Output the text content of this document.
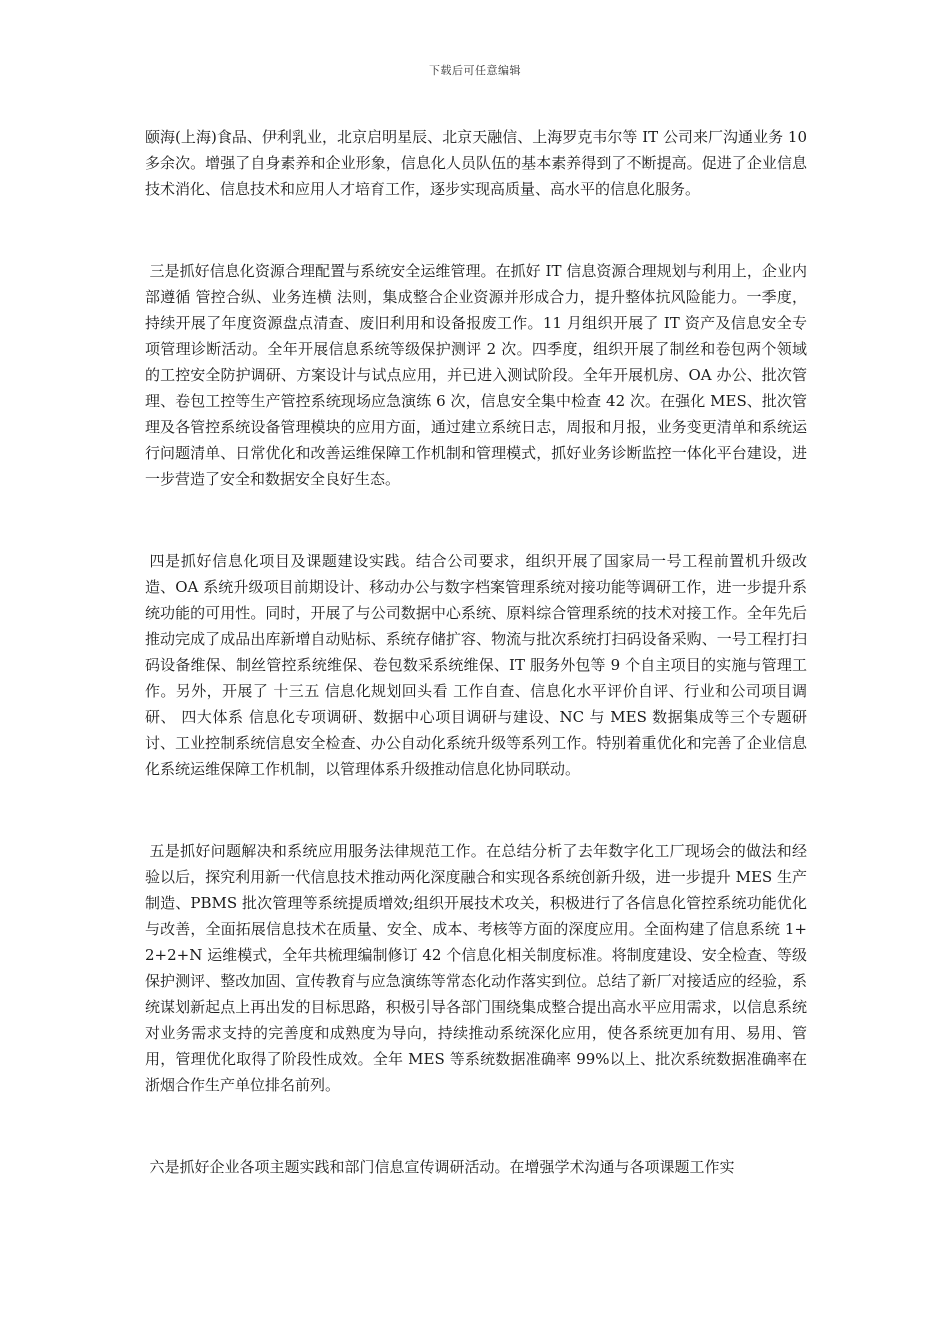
下载后可任意编辑

颐海(上海)食品、伊利乳业，北京启明星辰、北京天融信、上海罗克韦尔等 IT 公司来厂沟通业务 10 多余次。增强了自身素养和企业形象，信息化人员队伍的基本素养得到了不断提高。促进了企业信息技术消化、信息技术和应用人才培育工作，逐步实现高质量、高水平的信息化服务。

三是抓好信息化资源合理配置与系统安全运维管理。在抓好 IT 信息资源合理规划与利用上，企业内部遵循 管控合纵、业务连横 法则，集成整合企业资源并形成合力，提升整体抗风险能力。一季度，持续开展了年度资源盘点清查、废旧利用和设备报废工作。11 月组织开展了 IT 资产及信息安全专项管理诊断活动。全年开展信息系统等级保护测评 2 次。四季度，组织开展了制丝和卷包两个领域的工控安全防护调研、方案设计与试点应用，并已进入测试阶段。全年开展机房、OA 办公、批次管理、卷包工控等生产管控系统现场应急演练 6 次，信息安全集中检查 42 次。在强化 MES、批次管理及各管控系统设备管理模块的应用方面，通过建立系统日志，周报和月报，业务变更清单和系统运行问题清单、日常优化和改善运维保障工作机制和管理模式，抓好业务诊断监控一体化平台建设，进一步营造了安全和数据安全良好生态。

四是抓好信息化项目及课题建设实践。结合公司要求，组织开展了国家局一号工程前置机升级改造、OA 系统升级项目前期设计、移动办公与数字档案管理系统对接功能等调研工作，进一步提升系统功能的可用性。同时，开展了与公司数据中心系统、原料综合管理系统的技术对接工作。全年先后推动完成了成品出库新增自动贴标、系统存储扩容、物流与批次系统打扫码设备采购、一号工程打扫码设备维保、制丝管控系统维保、卷包数采系统维保、IT 服务外包等 9 个自主项目的实施与管理工作。另外，开展了 十三五 信息化规划回头看 工作自查、信息化水平评价自评、行业和公司项目调研、 四大体系 信息化专项调研、数据中心项目调研与建设、NC 与 MES 数据集成等三个专题研讨、工业控制系统信息安全检查、办公自动化系统升级等系列工作。特别着重优化和完善了企业信息化系统运维保障工作机制，以管理体系升级推动信息化协同联动。

五是抓好问题解决和系统应用服务法律规范工作。在总结分析了去年数字化工厂现场会的做法和经验以后，探究利用新一代信息技术推动两化深度融合和实现各系统创新升级，进一步提升 MES 生产制造、PBMS 批次管理等系统提质增效;组织开展技术攻关，积极进行了各信息化管控系统功能优化与改善，全面拓展信息技术在质量、安全、成本、考核等方面的深度应用。全面构建了信息系统 1+2+2+N 运维模式，全年共梳理编制修订 42 个信息化相关制度标准。将制度建设、安全检查、等级保护测评、整改加固、宣传教育与应急演练等常态化动作落实到位。总结了新厂对接适应的经验，系统谋划新起点上再出发的目标思路，积极引导各部门围绕集成整合提出高水平应用需求，以信息系统对业务需求支持的完善度和成熟度为导向，持续推动系统深化应用，使各系统更加有用、易用、管用，管理优化取得了阶段性成效。全年 MES 等系统数据准确率 99%以上、批次系统数据准确率在浙烟合作生产单位排名前列。

六是抓好企业各项主题实践和部门信息宣传调研活动。在增强学术沟通与各项课题工作实
